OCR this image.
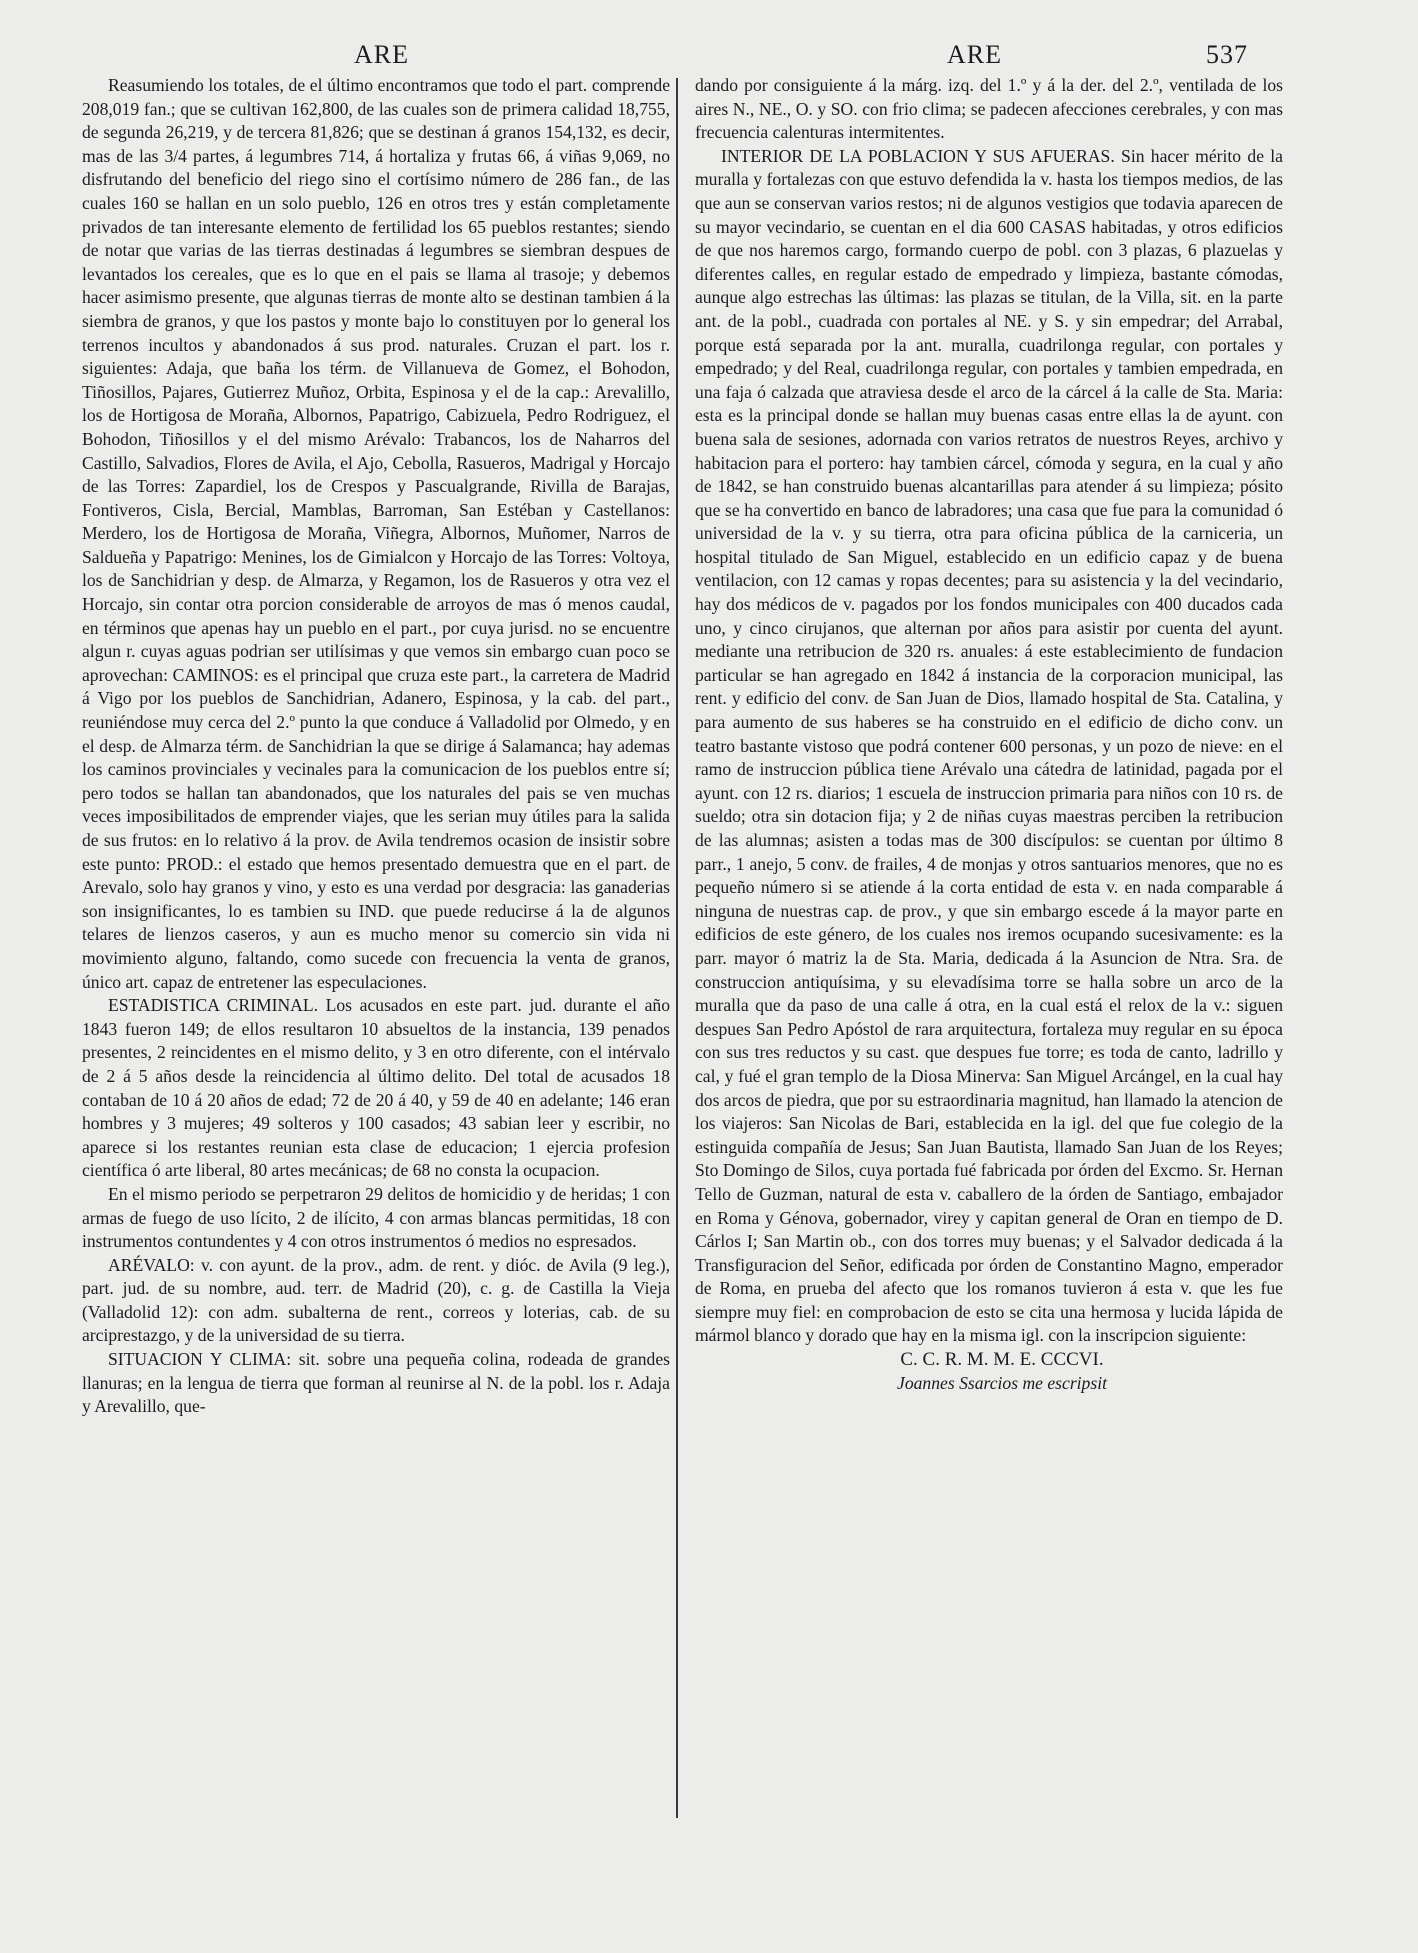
ARE	ARE	537

Reasumiendo los totales, de el último encontramos que todo el part. comprende 208,019 fan.; que se cultivan 162,800, de las cuales son de primera calidad 18,755, de segunda 26,219, y de tercera 81,826; que se destinan á granos 154,132, es decir, mas de las 3/4 partes, á legumbres 714, á hortaliza y frutas 66, á viñas 9,069, no disfrutando del beneficio del riego sino el cortísimo número de 286 fan., de las cuales 160 se hallan en un solo pueblo, 126 en otros tres y están completamente privados de tan interesante elemento de fertilidad los 65 pueblos restantes; siendo de notar que varias de las tierras destinadas á legumbres se siembran despues de levantados los cereales, que es lo que en el pais se llama al trasoje; y debemos hacer asimismo presente, que algunas tierras de monte alto se destinan tambien á la siembra de granos, y que los pastos y monte bajo lo constituyen por lo general los terrenos incultos y abandonados á sus prod. naturales. Cruzan el part. los r. siguientes: Adaja, que baña los térm. de Villanueva de Gomez, el Bohodon, Tiñosillos, Pajares, Gutierrez Muñoz, Orbita, Espinosa y el de la cap.: Arevalillo, los de Hortigosa de Moraña, Albornos, Papatrigo, Cabizuela, Pedro Rodriguez, el Bohodon, Tiñosillos y el del mismo Arévalo: Trabancos, los de Naharros del Castillo, Salvadios, Flores de Avila, el Ajo, Cebolla, Rasueros, Madrigal y Horcajo de las Torres: Zapardiel, los de Crespos y Pascualgrande, Rivilla de Barajas, Fontiveros, Cisla, Bercial, Mamblas, Barroman, San Estéban y Castellanos: Merdero, los de Hortigosa de Moraña, Viñegra, Albornos, Muñomer, Narros de Saldueña y Papatrigo: Menines, los de Gimialcon y Horcajo de las Torres: Voltoya, los de Sanchidrian y desp. de Almarza, y Regamon, los de Rasueros y otra vez el Horcajo, sin contar otra porcion considerable de arroyos de mas ó menos caudal, en términos que apenas hay un pueblo en el part., por cuya jurisd. no se encuentre algun r. cuyas aguas podrian ser utilísimas y que vemos sin embargo cuan poco se aprovechan: CAMINOS: es el principal que cruza este part., la carretera de Madrid á Vigo por los pueblos de Sanchidrian, Adanero, Espinosa, y la cab. del part., reuniéndose muy cerca del 2.º punto la que conduce á Valladolid por Olmedo, y en el desp. de Almarza térm. de Sanchidrian la que se dirige á Salamanca; hay ademas los caminos provinciales y vecinales para la comunicacion de los pueblos entre sí; pero todos se hallan tan abandonados, que los naturales del pais se ven muchas veces imposibilitados de emprender viajes, que les serian muy útiles para la salida de sus frutos: en lo relativo á la prov. de Avila tendremos ocasion de insistir sobre este punto: PROD.: el estado que hemos presentado demuestra que en el part. de Arevalo, solo hay granos y vino, y esto es una verdad por desgracia: las ganaderias son insignificantes, lo es tambien su IND. que puede reducirse á la de algunos telares de lienzos caseros, y aun es mucho menor su comercio sin vida ni movimiento alguno, faltando, como sucede con frecuencia la venta de granos, único art. capaz de entretener las especulaciones.

ESTADISTICA CRIMINAL. Los acusados en este part. jud. durante el año 1843 fueron 149; de ellos resultaron 10 absueltos de la instancia, 139 penados presentes, 2 reincidentes en el mismo delito, y 3 en otro diferente, con el intérvalo de 2 á 5 años desde la reincidencia al último delito. Del total de acusados 18 contaban de 10 á 20 años de edad; 72 de 20 á 40, y 59 de 40 en adelante; 146 eran hombres y 3 mujeres; 49 solteros y 100 casados; 43 sabian leer y escribir, no aparece si los restantes reunian esta clase de educacion; 1 ejercia profesion científica ó arte liberal, 80 artes mecánicas; de 68 no consta la ocupacion.

En el mismo periodo se perpetraron 29 delitos de homicidio y de heridas; 1 con armas de fuego de uso lícito, 2 de ilícito, 4 con armas blancas permitidas, 18 con instrumentos contundentes y 4 con otros instrumentos ó medios no espresados.

ARÉVALO: v. con ayunt. de la prov., adm. de rent. y dióc. de Avila (9 leg.), part. jud. de su nombre, aud. terr. de Madrid (20), c. g. de Castilla la Vieja (Valladolid 12): con adm. subalterna de rent., correos y loterias, cab. de su arciprestazgo, y de la universidad de su tierra.

SITUACION Y CLIMA: sit. sobre una pequeña colina, rodeada de grandes llanuras; en la lengua de tierra que forman al reunirse al N. de la pobl. los r. Adaja y Arevalillo, que-

dando por consiguiente á la márg. izq. del 1.º y á la der. del 2.º, ventilada de los aires N., NE., O. y SO. con frio clima; se padecen afecciones cerebrales, y con mas frecuencia calenturas intermitentes.

INTERIOR DE LA POBLACION Y SUS AFUERAS. Sin hacer mérito de la muralla y fortalezas con que estuvo defendida la v. hasta los tiempos medios, de las que aun se conservan varios restos; ni de algunos vestigios que todavia aparecen de su mayor vecindario, se cuentan en el dia 600 CASAS habitadas, y otros edificios de que nos haremos cargo, formando cuerpo de pobl. con 3 plazas, 6 plazuelas y diferentes calles, en regular estado de empedrado y limpieza, bastante cómodas, aunque algo estrechas las últimas: las plazas se titulan, de la Villa, sit. en la parte ant. de la pobl., cuadrada con portales al NE. y S. y sin empedrar; del Arrabal, porque está separada por la ant. muralla, cuadrilonga regular, con portales y empedrado; y del Real, cuadrilonga regular, con portales y tambien empedrada, en una faja ó calzada que atraviesa desde el arco de la cárcel á la calle de Sta. Maria: esta es la principal donde se hallan muy buenas casas entre ellas la de ayunt. con buena sala de sesiones, adornada con varios retratos de nuestros Reyes, archivo y habitacion para el portero: hay tambien cárcel, cómoda y segura, en la cual y año de 1842, se han construido buenas alcantarillas para atender á su limpieza; pósito que se ha convertido en banco de labradores; una casa que fue para la comunidad ó universidad de la v. y su tierra, otra para oficina pública de la carniceria, un hospital titulado de San Miguel, establecido en un edificio capaz y de buena ventilacion, con 12 camas y ropas decentes; para su asistencia y la del vecindario, hay dos médicos de v. pagados por los fondos municipales con 400 ducados cada uno, y cinco cirujanos, que alternan por años para asistir por cuenta del ayunt. mediante una retribucion de 320 rs. anuales: á este establecimiento de fundacion particular se han agregado en 1842 á instancia de la corporacion municipal, las rent. y edificio del conv. de San Juan de Dios, llamado hospital de Sta. Catalina, y para aumento de sus haberes se ha construido en el edificio de dicho conv. un teatro bastante vistoso que podrá contener 600 personas, y un pozo de nieve: en el ramo de instruccion pública tiene Arévalo una cátedra de latinidad, pagada por el ayunt. con 12 rs. diarios; 1 escuela de instruccion primaria para niños con 10 rs. de sueldo; otra sin dotacion fija; y 2 de niñas cuyas maestras perciben la retribucion de las alumnas; asisten a todas mas de 300 discípulos: se cuentan por último 8 parr., 1 anejo, 5 conv. de frailes, 4 de monjas y otros santuarios menores, que no es pequeño número si se atiende á la corta entidad de esta v. en nada comparable á ninguna de nuestras cap. de prov., y que sin embargo escede á la mayor parte en edificios de este género, de los cuales nos iremos ocupando sucesivamente: es la parr. mayor ó matriz la de Sta. Maria, dedicada á la Asuncion de Ntra. Sra. de construccion antiquísima, y su elevadísima torre se halla sobre un arco de la muralla que da paso de una calle á otra, en la cual está el relox de la v.: siguen despues San Pedro Apóstol de rara arquitectura, fortaleza muy regular en su época con sus tres reductos y su cast. que despues fue torre; es toda de canto, ladrillo y cal, y fué el gran templo de la Diosa Minerva: San Miguel Arcángel, en la cual hay dos arcos de piedra, que por su estraordinaria magnitud, han llamado la atencion de los viajeros: San Nicolas de Bari, establecida en la igl. del que fue colegio de la estinguida compañía de Jesus; San Juan Bautista, llamado San Juan de los Reyes; Sto Domingo de Silos, cuya portada fué fabricada por órden del Excmo. Sr. Hernan Tello de Guzman, natural de esta v. caballero de la órden de Santiago, embajador en Roma y Génova, gobernador, virey y capitan general de Oran en tiempo de D. Cárlos I; San Martin ob., con dos torres muy buenas; y el Salvador dedicada á la Transfiguracion del Señor, edificada por órden de Constantino Magno, emperador de Roma, en prueba del afecto que los romanos tuvieron á esta v. que les fue siempre muy fiel: en comprobacion de esto se cita una hermosa y lucida lápida de mármol blanco y dorado que hay en la misma igl. con la inscripcion siguiente:

C. C. R. M. M. E. CCCVI.

Joannes Ssarcios me escripsit
